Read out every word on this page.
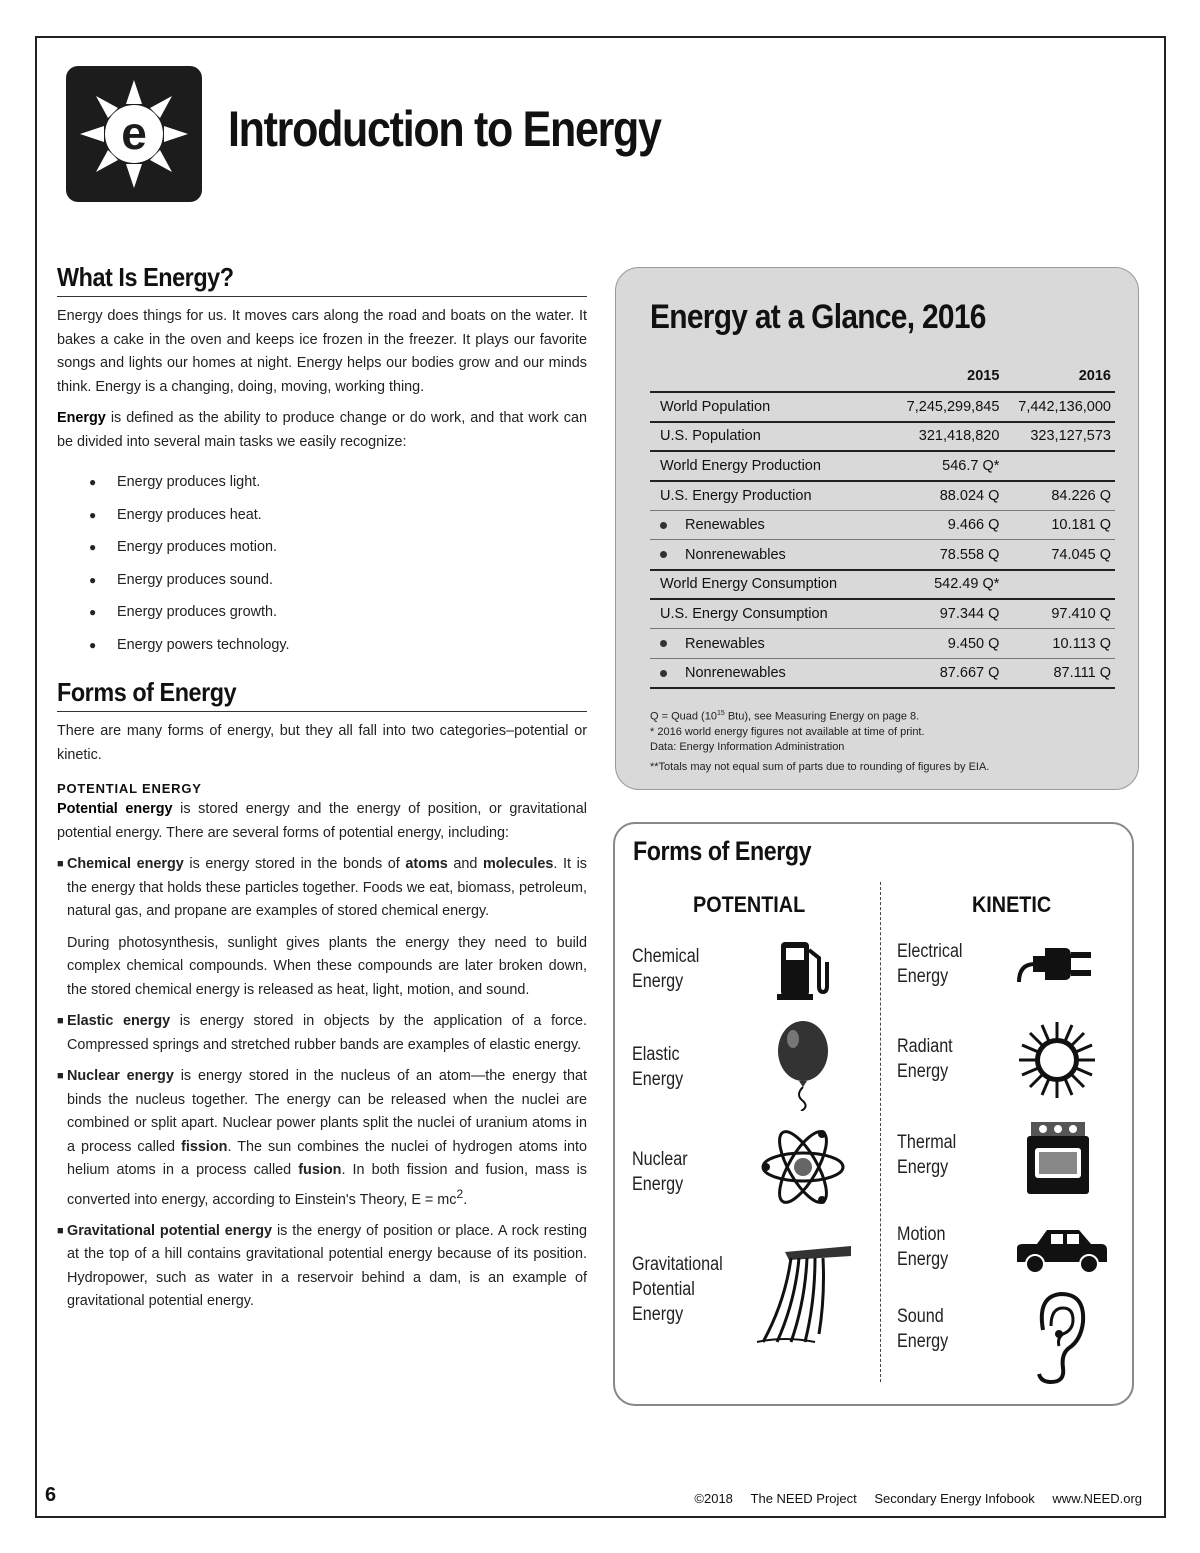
e Introduction to Energy
What Is Energy?

Energy does things for us. It moves cars along the road and boats on the water. It bakes a cake in the oven and keeps ice frozen in the freezer. It plays our favorite songs and lights our homes at night. Energy helps our bodies grow and our minds think. Energy is a changing, doing, moving, working thing.

Energy is defined as the ability to produce change or do work, and that work can be divided into several main tasks we easily recognize:

● Energy produces light.
● Energy produces heat.
● Energy produces motion.
● Energy produces sound.
● Energy produces growth.
● Energy powers technology.
Forms of Energy

There are many forms of energy, but they all fall into two categories–potential or kinetic.

POTENTIAL ENERGY

Potential energy is stored energy and the energy of position, or gravitational potential energy. There are several forms of potential energy, including:

■ Chemical energy is energy stored in the bonds of atoms and molecules. It is the energy that holds these particles together. Foods we eat, biomass, petroleum, natural gas, and propane are examples of stored chemical energy.
During photosynthesis, sunlight gives plants the energy they need to build complex chemical compounds. When these compounds are later broken down, the stored chemical energy is released as heat, light, motion, and sound.
■ Elastic energy is energy stored in objects by the application of a force. Compressed springs and stretched rubber bands are examples of elastic energy.
■ Nuclear energy is energy stored in the nucleus of an atom—the energy that binds the nucleus together. The energy can be released when the nuclei are combined or split apart. Nuclear power plants split the nuclei of uranium atoms in a process called fission. The sun combines the nuclei of hydrogen atoms into helium atoms in a process called fusion. In both fission and fusion, mass is converted into energy, according to Einstein's Theory, $E = mc^2$.
■ Gravitational potential energy is the energy of position or place. A rock resting at the top of a hill contains gravitational potential energy because of its position. Hydropower, such as water in a reservoir behind a dam, is an example of gravitational potential energy.
Energy at a Glance, 2016
	2015	2016
World Population	7,245,299,845	7,442,136,000
U.S. Population	321,418,820	323,127,573
World Energy Production	546.7 Q*	
U.S. Energy Production	88.024 Q	84.226 Q
Renewables	9.466 Q	10.181 Q
Nonrenewables	78.558 Q	74.045 Q
World Energy Consumption	542.49 Q*	
U.S. Energy Consumption	97.344 Q	97.410 Q
Renewables	9.450 Q	10.113 Q
Nonrenewables	87.667 Q	87.111 Q
Q = Quad ($10^{15}$ Btu), see Measuring Energy on page 8.
* 2016 world energy figures not available at time of print.
Data: Energy Information Administration
**Totals may not equal sum of parts due to rounding of figures by EIA.
Forms of Energy
POTENTIAL	KINETIC
Chemical
Energy
Elastic
Energy
Nuclear
Energy
Gravitational
Potential
Energy
Electrical
Energy
Radiant
Energy
Thermal
Energy
Motion
Energy
Sound
Energy
6	©2018 The NEED Project Secondary Energy Infobook www.NEED.org
